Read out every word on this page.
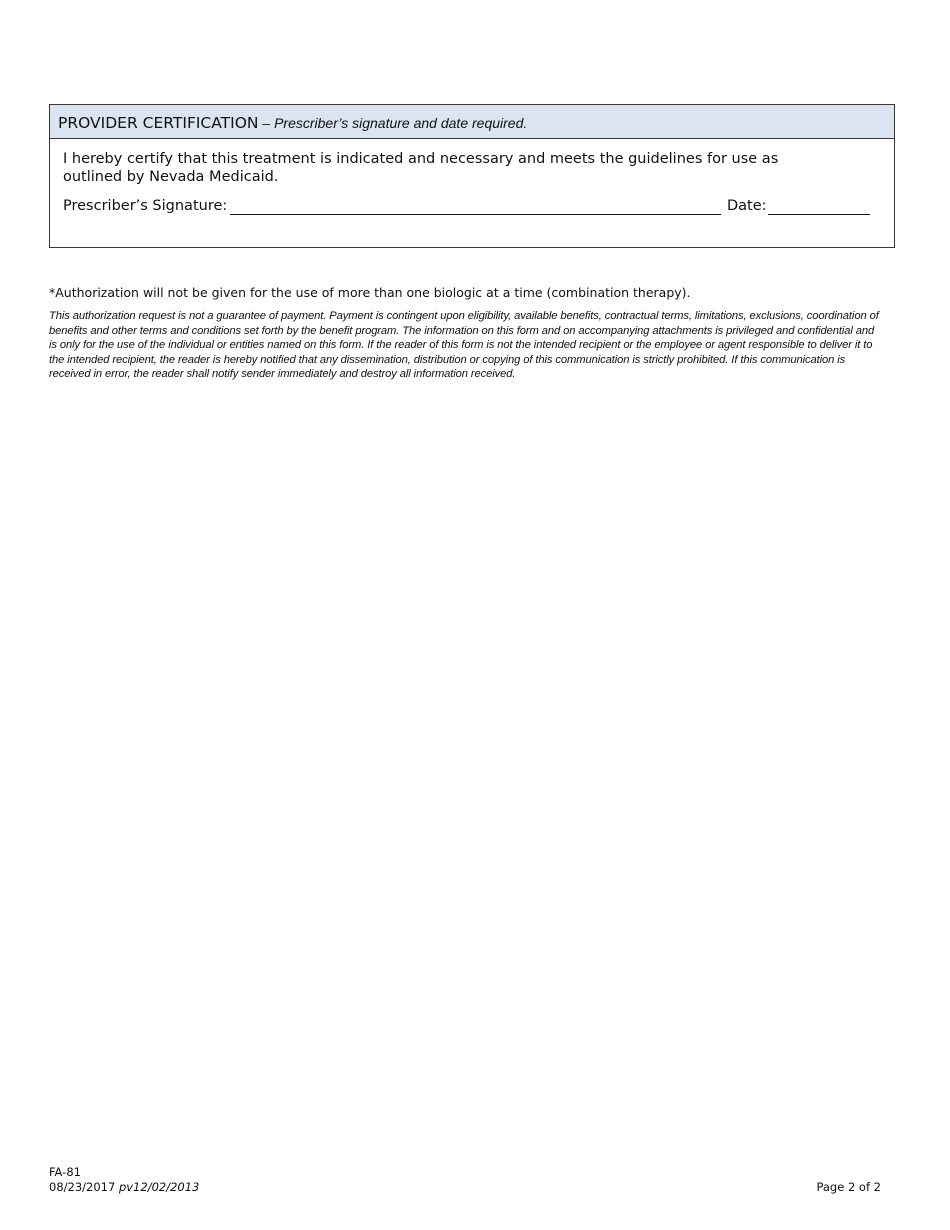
PROVIDER CERTIFICATION – Prescriber’s signature and date required.
I hereby certify that this treatment is indicated and necessary and meets the guidelines for use as outlined by Nevada Medicaid.
Prescriber’s Signature:	Date:
*Authorization will not be given for the use of more than one biologic at a time (combination therapy).
This authorization request is not a guarantee of payment. Payment is contingent upon eligibility, available benefits, contractual terms, limitations, exclusions, coordination of benefits and other terms and conditions set forth by the benefit program. The information on this form and on accompanying attachments is privileged and confidential and is only for the use of the individual or entities named on this form. If the reader of this form is not the intended recipient or the employee or agent responsible to deliver it to the intended recipient, the reader is hereby notified that any dissemination, distribution or copying of this communication is strictly prohibited. If this communication is received in error, the reader shall notify sender immediately and destroy all information received.
FA-81
08/23/2017 pv12/02/2013	Page 2 of 2
